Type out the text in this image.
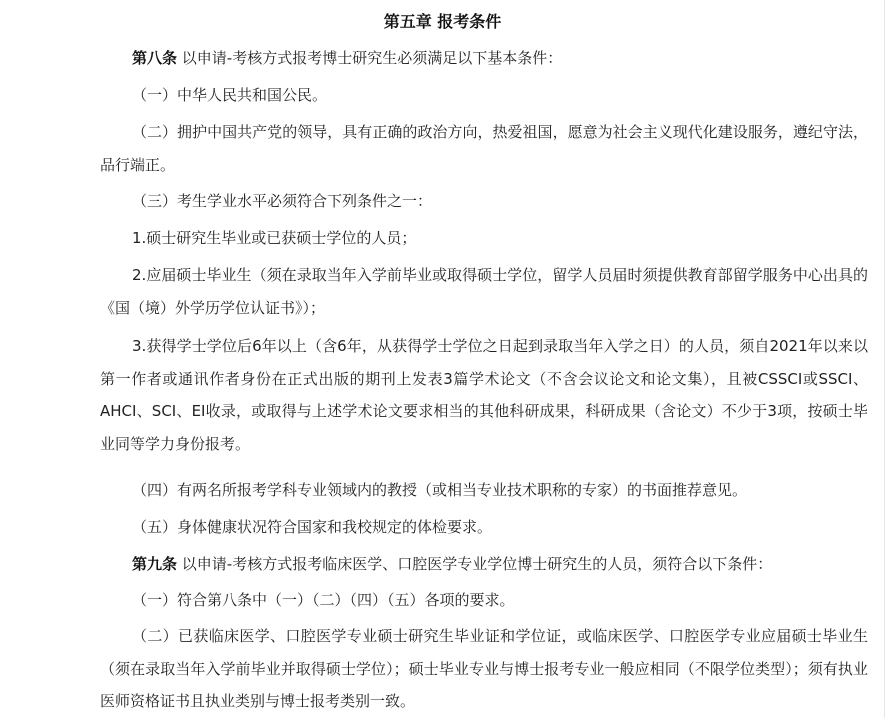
第五章 报考条件

第八条 以申请-考核方式报考博士研究生必须满足以下基本条件：

（一）中华人民共和国公民。

（二）拥护中国共产党的领导，具有正确的政治方向，热爱祖国，愿意为社会主义现代化建设服务，遵纪守法，品行端正。

（三）考生学业水平必须符合下列条件之一：

1.硕士研究生毕业或已获硕士学位的人员；

2.应届硕士毕业生（须在录取当年入学前毕业或取得硕士学位，留学人员届时须提供教育部留学服务中心出具的《国（境）外学历学位认证书》）；

3.获得学士学位后6年以上（含6年，从获得学士学位之日起到录取当年入学之日）的人员，须自2021年以来以第一作者或通讯作者身份在正式出版的期刊上发表3篇学术论文（不含会议论文和论文集），且被CSSCI或SSCI、AHCI、SCI、EI收录，或取得与上述学术论文要求相当的其他科研成果，科研成果（含论文）不少于3项，按硕士毕业同等学力身份报考。

（四）有两名所报考学科专业领域内的教授（或相当专业技术职称的专家）的书面推荐意见。

（五）身体健康状况符合国家和我校规定的体检要求。

第九条 以申请-考核方式报考临床医学、口腔医学专业学位博士研究生的人员，须符合以下条件：

（一）符合第八条中（一）（二）（四）（五）各项的要求。

（二）已获临床医学、口腔医学专业硕士研究生毕业证和学位证，或临床医学、口腔医学专业应届硕士毕业生（须在录取当年入学前毕业并取得硕士学位）；硕士毕业专业与博士报考专业一般应相同（不限学位类型）；须有执业医师资格证书且执业类别与博士报考类别一致。
